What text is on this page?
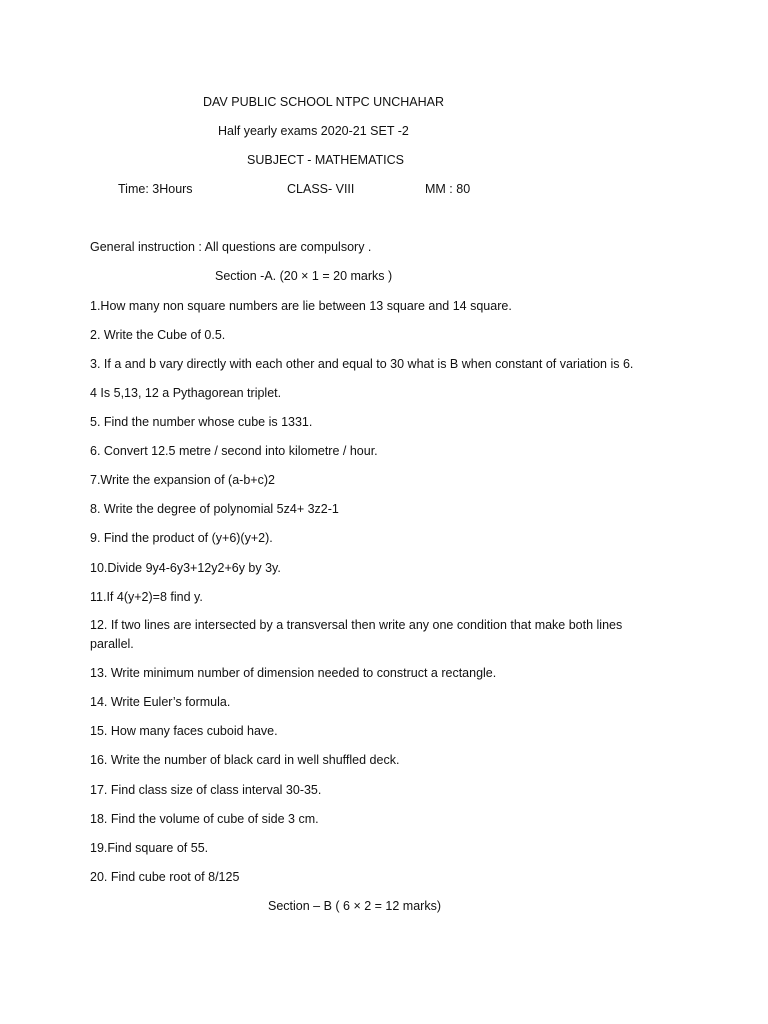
DAV PUBLIC SCHOOL NTPC UNCHAHAR
Half yearly exams 2020-21 SET -2
SUBJECT - MATHEMATICS
Time: 3Hours	CLASS- VIII	MM : 80
General instruction : All questions are compulsory .
Section -A. (20 × 1 = 20 marks )
1.How many non square numbers are lie between 13 square and 14 square.
2. Write the Cube of 0.5.
3. If a and b vary directly with each other and equal to 30 what is B when constant of variation is 6.
4 Is 5,13, 12 a Pythagorean triplet.
5. Find the number whose cube is 1331.
6. Convert 12.5 metre / second into kilometre / hour.
7.Write the expansion of (a-b+c)2
8. Write the degree of polynomial 5z4+ 3z2-1
9. Find the product of (y+6)(y+2).
10.Divide 9y4-6y3+12y2+6y by 3y.
11.If 4(y+2)=8 find y.
12. If two lines are intersected by a transversal then write any one condition that make both lines parallel.
13. Write minimum number of dimension needed to construct a rectangle.
14. Write Euler’s formula.
15. How many faces cuboid have.
16. Write the number of black card in well shuffled deck.
17. Find class size of class interval 30-35.
18. Find the volume of cube of side 3 cm.
19.Find square of 55.
20. Find cube root of 8/125
Section – B ( 6 × 2 = 12 marks)
